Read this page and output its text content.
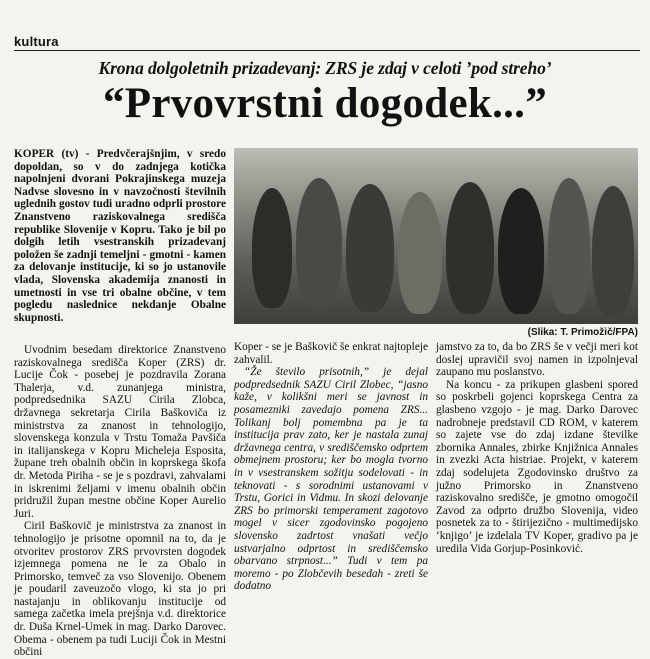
kultura
Krona dolgoletnih prizadevanj: ZRS je zdaj v celoti ’pod streho’
“Prvovrstni dogodek...”

KOPER (tv) - Predvčerajšnjim, v sredo dopoldan, so v do zadnjega kotička napolnjeni dvorani Pokrajinskega muzeja Nadvse slovesno in v navzočnosti številnih uglednih gostov tudi uradno odprli prostore Znanstveno raziskovalnega središča republike Slovenije v Kopru. Tako je bil po dolgih letih vsestranskih prizadevanj položen še zadnji temeljni - gmotni - kamen za delovanje institucije, ki so jo ustanovile vlada, Slovenska akademija znanosti in umetnosti in vse tri obalne občine, v tem pogledu naslednice nekdanje Obalne skupnosti.

Uvodnim besedam direktorice Znanstveno raziskovalnega središča Koper (ZRS) dr. Lucije Čok - posebej je pozdravila Zorana Thalerja, v.d. zunanjega ministra, podpredsednika SAZU Cirila Zlobca, državnega sekretarja Cirila Baškoviča iz ministrstva za znanost in tehnologijo, slovenskega konzula v Trstu Tomaža Pavšiča in italijanskega v Kopru Micheleja Esposita, župane treh obalnih občin in koprskega škofa dr. Metoda Piriha - se je s pozdravi, zahvalami in iskrenimi željami v imenu obalnih občin pridružil župan mestne občine Koper Aurelio Juri.

Ciril Baškovič je ministrstva za znanost in tehnologijo je prisotne opomnil na to, da je otvoritev prostorov ZRS prvovrsten dogodek izjemnega pomena ne le za Obalo in Primorsko, temveč za vso Slovenijo. Obenem je poudaril zaveuzočo vlogo, ki sta jo pri nastajanju in oblikovanju institucije od samega začetka imela prejšnja v.d. direktorice dr. Duša Krnel-Umek in mag. Darko Darovec. Obema - obenem pa tudi Luciji Čok in Mestni občini

(Slika: T. Primožič/FPA)

Koper - se je Baškovič še enkrat najtopleje zahvalil.

“Že število prisotnih,” je dejal podpredsednik SAZU Ciril Zlobec, “jasno kaže, v kolikšni meri se javnost in posamezniki zavedajo pomena ZRS... Tolikanj bolj pomembna pa je ta institucija prav zato, ker je nastala zunaj državnega centra, v središčemsko odprtem obmejnem prostoru; ker bo mogla tvorno in v vsestranskem sožitju sodelovati - in teknovati - s sorodnimi ustanovami v Trstu, Gorici in Vidmu. In skozi delovanje ZRS bo primorski temperament zagotovo mogel v sicer zgodovinsko pogojeno slovensko zadrtost vnašati večjo ustvarjalno odprtost in središčemsko obarvano strpnost...” Tudi v tem pa moremo - po Zlobčevih besedah - zreti še dodatno

jamstvo za to, da bo ZRS še v večji meri kot doslej upravičil svoj namen in izpolnjeval zaupano mu poslanstvo.

Na koncu - za prikupen glasbeni spored so poskrbeli gojenci koprskega Centra za glasbeno vzgojo - je mag. Darko Darovec nadrobneje predstavil CD ROM, v katerem so zajete vse do zdaj izdane številke zbornika Annales, zbirke Knjižnica Annales in zvezki Acta histriae. Projekt, v katerem zdaj sodelujeta Zgodovinsko društvo za južno Primorsko in Znanstveno raziskovalno središče, je gmotno omogočil Zavod za odprto družbo Slovenija, video posnetek za to - štirijezično - multimedijsko ‘knjigo’ je izdelala TV Koper, gradivo pa je uredila Vida Gorjup-Posinković.
